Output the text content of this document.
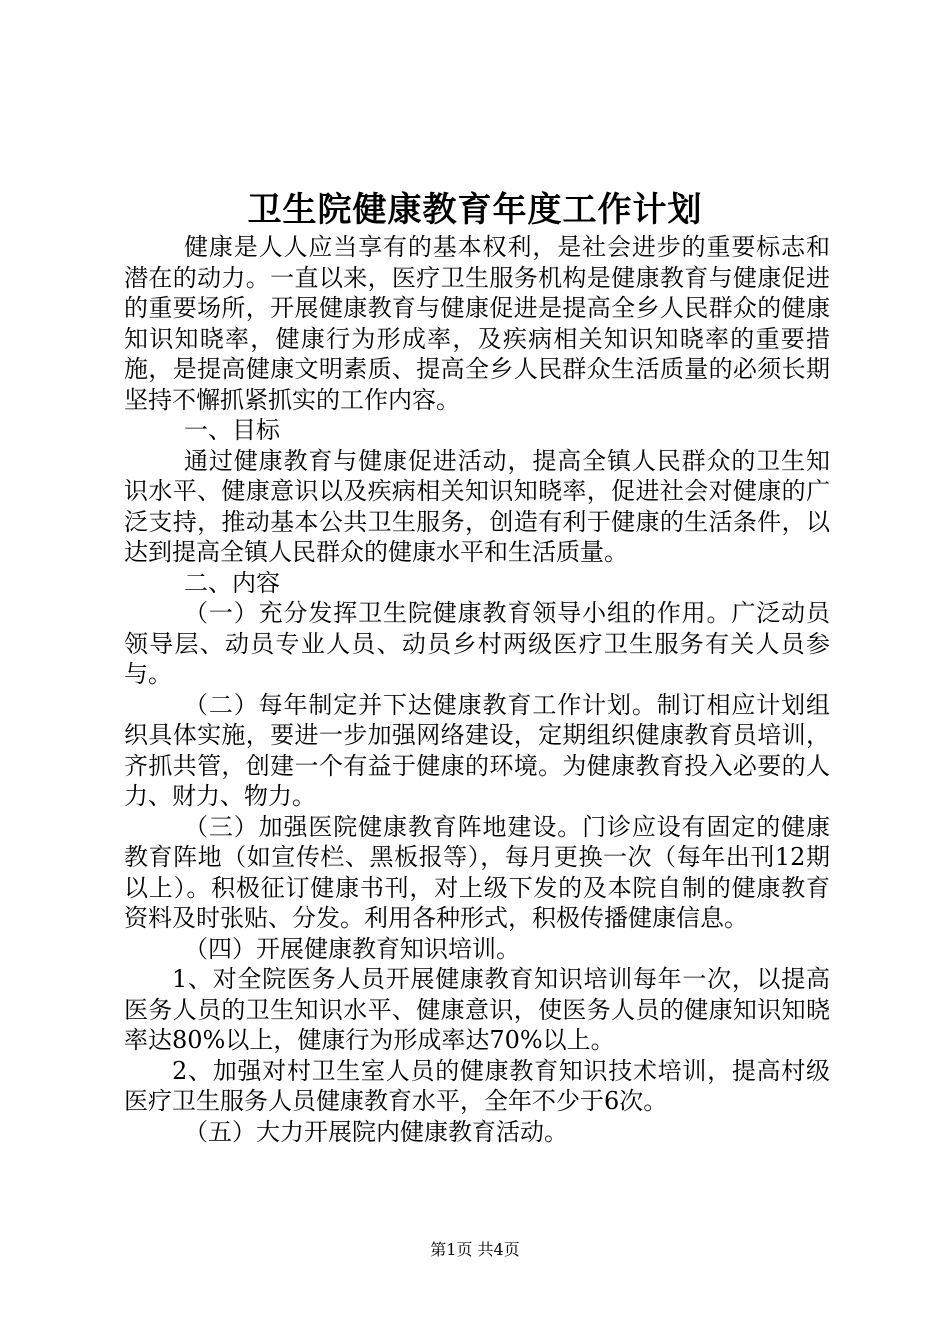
卫生院健康教育年度工作计划

健康是人人应当享有的基本权利，是社会进步的重要标志和潜在的动力。一直以来，医疗卫生服务机构是健康教育与健康促进的重要场所，开展健康教育与健康促进是提高全乡人民群众的健康知识知晓率，健康行为形成率，及疾病相关知识知晓率的重要措施，是提高健康文明素质、提高全乡人民群众生活质量的必须长期坚持不懈抓紧抓实的工作内容。

一、目标

通过健康教育与健康促进活动，提高全镇人民群众的卫生知识水平、健康意识以及疾病相关知识知晓率，促进社会对健康的广泛支持，推动基本公共卫生服务，创造有利于健康的生活条件，以达到提高全镇人民群众的健康水平和生活质量。

二、内容

（一）充分发挥卫生院健康教育领导小组的作用。广泛动员领导层、动员专业人员、动员乡村两级医疗卫生服务有关人员参与。

（二）每年制定并下达健康教育工作计划。制订相应计划组织具体实施，要进一步加强网络建设，定期组织健康教育员培训，齐抓共管，创建一个有益于健康的环境。为健康教育投入必要的人力、财力、物力。

（三）加强医院健康教育阵地建设。门诊应设有固定的健康教育阵地（如宣传栏、黑板报等），每月更换一次（每年出刊12期以上）。积极征订健康书刊，对上级下发的及本院自制的健康教育资料及时张贴、分发。利用各种形式，积极传播健康信息。

（四）开展健康教育知识培训。

1、对全院医务人员开展健康教育知识培训每年一次，以提高医务人员的卫生知识水平、健康意识，使医务人员的健康知识知晓率达80%以上，健康行为形成率达70%以上。

2、加强对村卫生室人员的健康教育知识技术培训，提高村级医疗卫生服务人员健康教育水平，全年不少于6次。

（五）大力开展院内健康教育活动。

第1页 共4页
